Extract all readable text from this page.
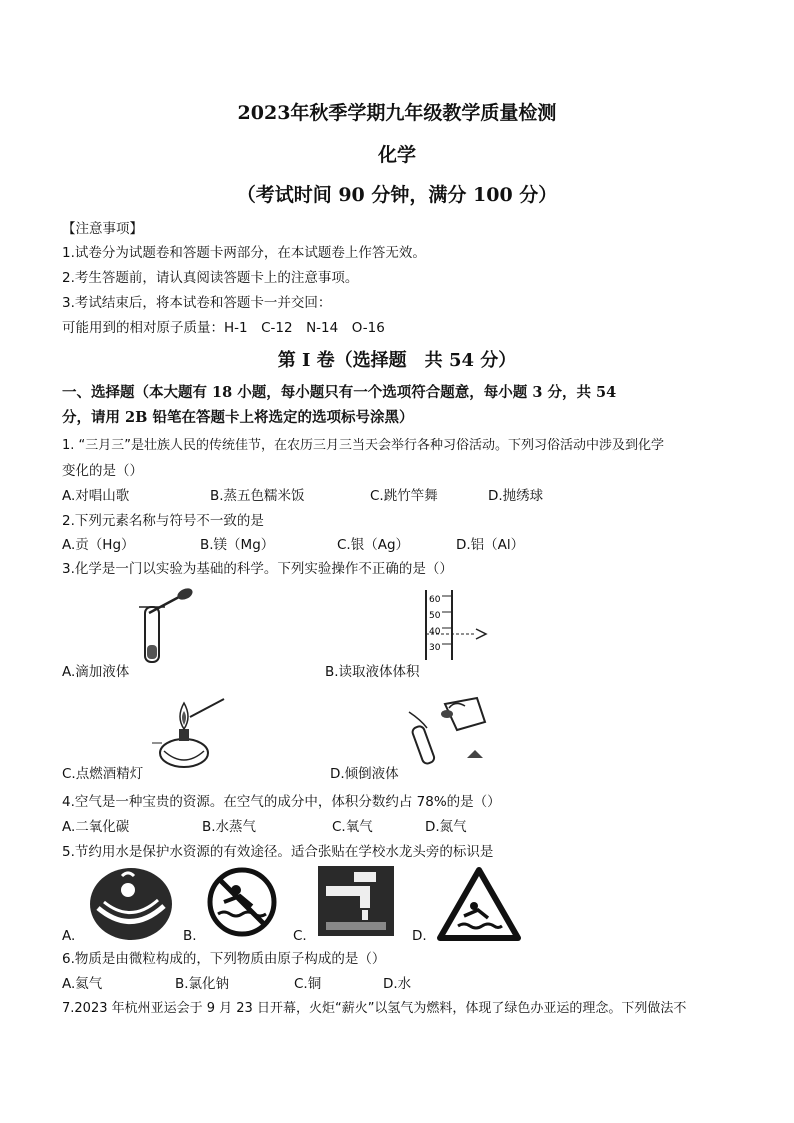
2023年秋季学期九年级教学质量检测
化学
（考试时间 90 分钟，满分 100 分）
【注意事项】
1.试卷分为试题卷和答题卡两部分，在本试题卷上作答无效。
2.考生答题前，请认真阅读答题卡上的注意事项。
3.考试结束后，将本试卷和答题卡一并交回：
可能用到的相对原子质量：H-1　C-12　N-14　O-16
第 I 卷（选择题　共 54 分）
一、选择题（本大题有 18 小题，每小题只有一个选项符合题意，每小题 3 分，共 54
分，请用 2B 铅笔在答题卡上将选定的选项标号涂黑）
1. “三月三”是壮族人民的传统佳节，在农历三月三当天会举行各种习俗活动。下列习俗活动中涉及到化学
变化的是（）
A.对唱山歌	B.蒸五色糯米饭	C.跳竹竿舞	D.抛绣球
2.下列元素名称与符号不一致的是
A.贡（Hg）	B.镁（Mg）	C.银（Ag）	D.铝（Al）
3.化学是一门以实验为基础的科学。下列实验操作不正确的是（）
A.滴加液体
60
50
40
30
B.读取液体体积
C.点燃酒精灯	D.倾倒液体
4.空气是一种宝贵的资源。在空气的成分中，体积分数约占 78%的是（）
A.二氧化碳	B.水蒸气	C.氧气	D.氮气
5.节约用水是保护水资源的有效途径。适合张贴在学校水龙头旁的标识是
A.	B.	C.	D.
6.物质是由微粒构成的，下列物质由原子构成的是（）
A.氦气	B.氯化钠	C.铜	D.水
7.2023 年杭州亚运会于 9 月 23 日开幕，火炬“薪火”以氢气为燃料，体现了绿色办亚运的理念。下列做法不
